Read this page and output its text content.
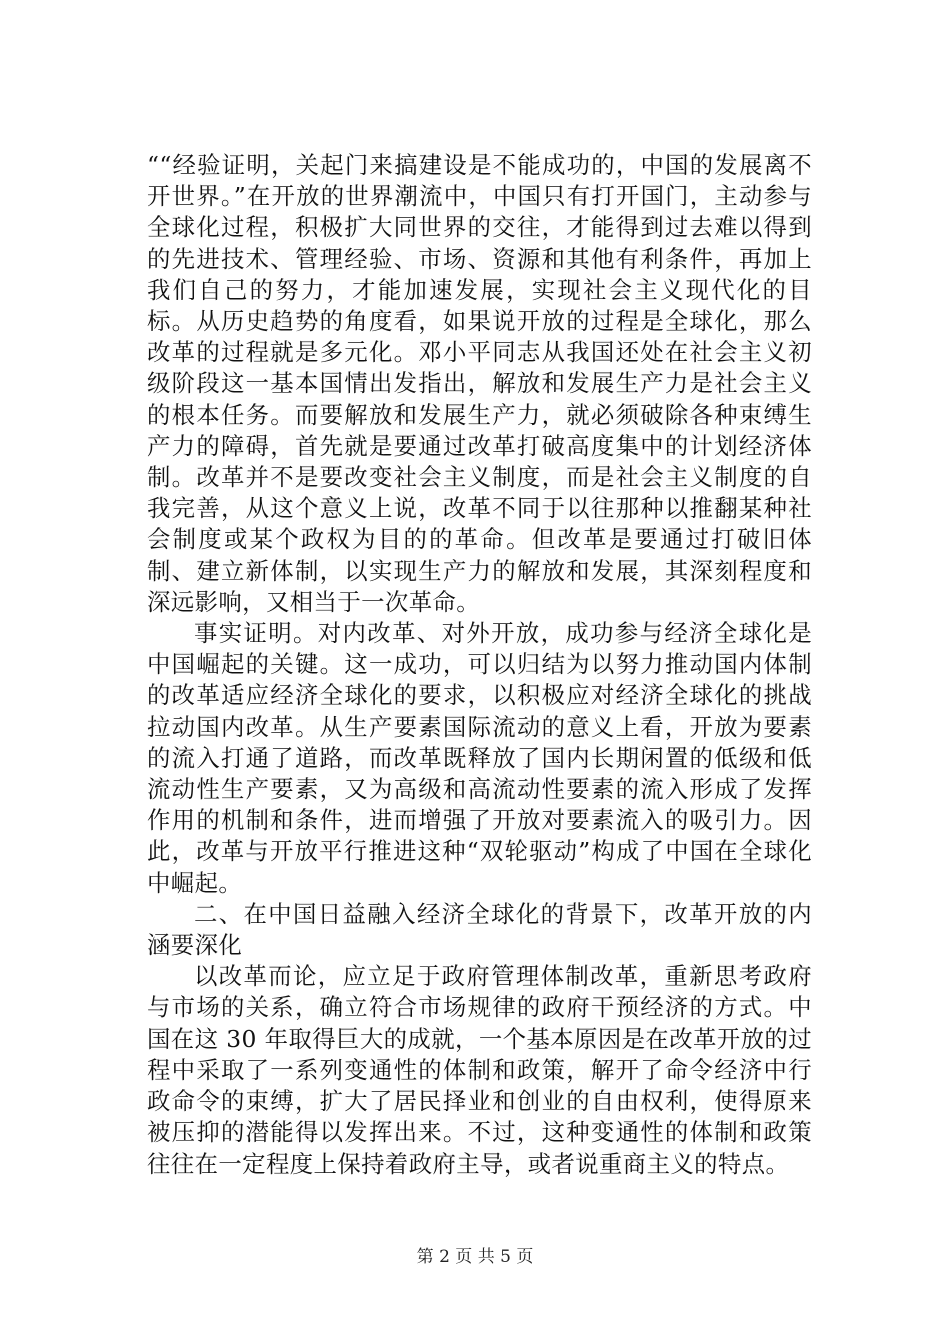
““经验证明，关起门来搞建设是不能成功的，中国的发展离不开世界。”在开放的世界潮流中，中国只有打开国门，主动参与全球化过程，积极扩大同世界的交往，才能得到过去难以得到的先进技术、管理经验、市场、资源和其他有利条件，再加上我们自己的努力，才能加速发展，实现社会主义现代化的目标。从历史趋势的角度看，如果说开放的过程是全球化，那么改革的过程就是多元化。邓小平同志从我国还处在社会主义初级阶段这一基本国情出发指出，解放和发展生产力是社会主义的根本任务。而要解放和发展生产力，就必须破除各种束缚生产力的障碍，首先就是要通过改革打破高度集中的计划经济体制。改革并不是要改变社会主义制度，而是社会主义制度的自我完善，从这个意义上说，改革不同于以往那种以推翻某种社会制度或某个政权为目的的革命。但改革是要通过打破旧体制、建立新体制，以实现生产力的解放和发展，其深刻程度和深远影响，又相当于一次革命。

事实证明。对内改革、对外开放，成功参与经济全球化是中国崛起的关键。这一成功，可以归结为以努力推动国内体制的改革适应经济全球化的要求，以积极应对经济全球化的挑战拉动国内改革。从生产要素国际流动的意义上看，开放为要素的流入打通了道路，而改革既释放了国内长期闲置的低级和低流动性生产要素，又为高级和高流动性要素的流入形成了发挥作用的机制和条件，进而增强了开放对要素流入的吸引力。因此，改革与开放平行推进这种“双轮驱动”构成了中国在全球化中崛起。

二、在中国日益融入经济全球化的背景下，改革开放的内涵要深化

以改革而论，应立足于政府管理体制改革，重新思考政府与市场的关系，确立符合市场规律的政府干预经济的方式。中国在这 30 年取得巨大的成就，一个基本原因是在改革开放的过程中采取了一系列变通性的体制和政策，解开了命令经济中行政命令的束缚，扩大了居民择业和创业的自由权利，使得原来被压抑的潜能得以发挥出来。不过，这种变通性的体制和政策往往在一定程度上保持着政府主导，或者说重商主义的特点。

第 2 页 共 5 页
